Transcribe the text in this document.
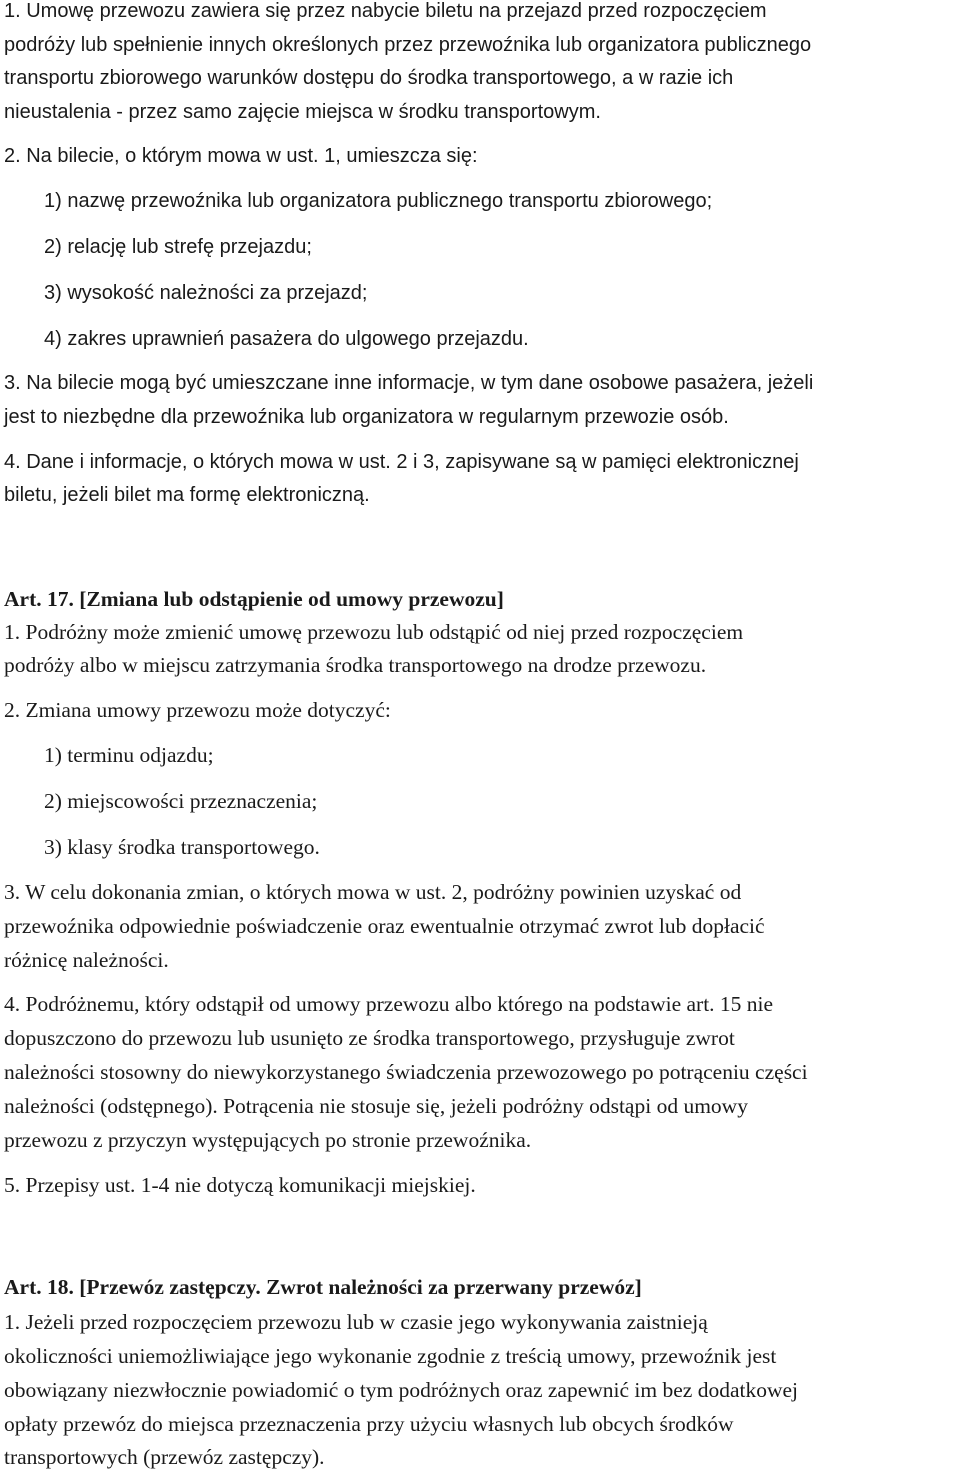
1. Umowę przewozu zawiera się przez nabycie biletu na przejazd przed rozpoczęciem

podróży lub spełnienie innych określonych przez przewoźnika lub organizatora publicznego

transportu zbiorowego warunków dostępu do środka transportowego, a w razie ich

nieustalenia - przez samo zajęcie miejsca w środku transportowym.

2. Na bilecie, o którym mowa w ust. 1, umieszcza się:

1) nazwę przewoźnika lub organizatora publicznego transportu zbiorowego;

2) relację lub strefę przejazdu;

3) wysokość należności za przejazd;

4) zakres uprawnień pasażera do ulgowego przejazdu.

3. Na bilecie mogą być umieszczane inne informacje, w tym dane osobowe pasażera, jeżeli

jest to niezbędne dla przewoźnika lub organizatora w regularnym przewozie osób.

4. Dane i informacje, o których mowa w ust. 2 i 3, zapisywane są w pamięci elektronicznej

biletu, jeżeli bilet ma formę elektroniczną.

Art. 17. [Zmiana lub odstąpienie od umowy przewozu]

1. Podróżny może zmienić umowę przewozu lub odstąpić od niej przed rozpoczęciem

podróży albo w miejscu zatrzymania środka transportowego na drodze przewozu.

2. Zmiana umowy przewozu może dotyczyć:

1) terminu odjazdu;

2) miejscowości przeznaczenia;

3) klasy środka transportowego.

3. W celu dokonania zmian, o których mowa w ust. 2, podróżny powinien uzyskać od

przewoźnika odpowiednie poświadczenie oraz ewentualnie otrzymać zwrot lub dopłacić

różnicę należności.

4. Podróżnemu, który odstąpił od umowy przewozu albo którego na podstawie art. 15 nie

dopuszczono do przewozu lub usunięto ze środka transportowego, przysługuje zwrot

należności stosowny do niewykorzystanego świadczenia przewozowego po potrąceniu części

należności (odstępnego). Potrącenia nie stosuje się, jeżeli podróżny odstąpi od umowy

przewozu z przyczyn występujących po stronie przewoźnika.

5. Przepisy ust. 1-4 nie dotyczą komunikacji miejskiej.

Art. 18. [Przewóz zastępczy. Zwrot należności za przerwany przewóz]

1. Jeżeli przed rozpoczęciem przewozu lub w czasie jego wykonywania zaistnieją

okoliczności uniemożliwiające jego wykonanie zgodnie z treścią umowy, przewoźnik jest

obowiązany niezwłocznie powiadomić o tym podróżnych oraz zapewnić im bez dodatkowej

opłaty przewóz do miejsca przeznaczenia przy użyciu własnych lub obcych środków

transportowych (przewóz zastępczy).
